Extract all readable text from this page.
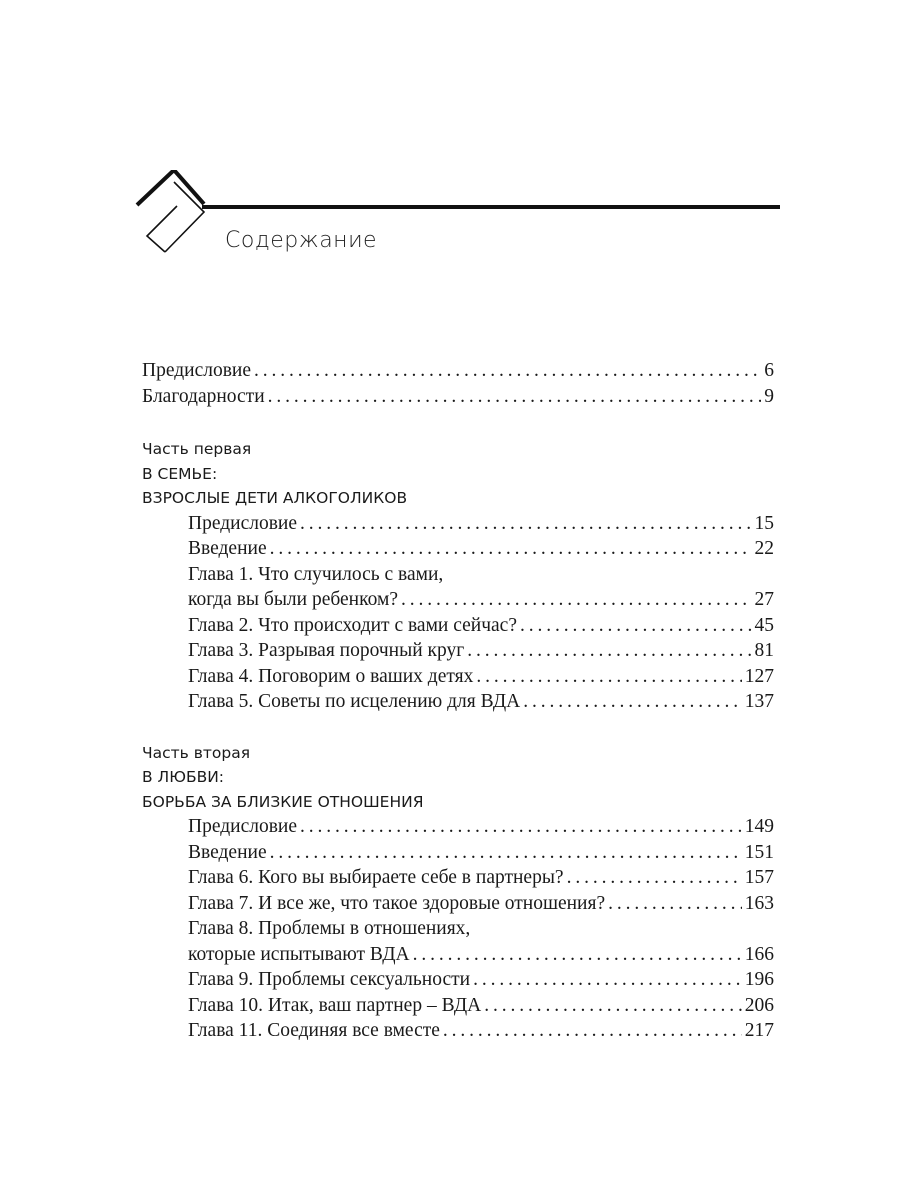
Содержание
Предисловие . . .	6
Благодарности . . .	9
Часть первая
В СЕМЬЕ:
ВЗРОСЛЫЕ ДЕТИ АЛКОГОЛИКОВ
Предисловие . . .	15
Введение . . .	22
Глава 1. Что случилось с вами,
когда вы были ребенком? . . .	27
Глава 2. Что происходит с вами сейчас? . . .	45
Глава 3. Разрывая порочный круг . . .	81
Глава 4. Поговорим о ваших детях . . .	127
Глава 5. Советы по исцелению для ВДА . . .	137
Часть вторая
В ЛЮБВИ:
БОРЬБА ЗА БЛИЗКИЕ ОТНОШЕНИЯ
Предисловие . . .	149
Введение . . .	151
Глава 6. Кого вы выбираете себе в партнеры? . . .	157
Глава 7. И все же, что такое здоровые отношения? . . .	163
Глава 8. Проблемы в отношениях,
которые испытывают ВДА . . .	166
Глава 9. Проблемы сексуальности . . .	196
Глава 10. Итак, ваш партнер – ВДА . . .	206
Глава 11. Соединяя все вместе . . .	217
